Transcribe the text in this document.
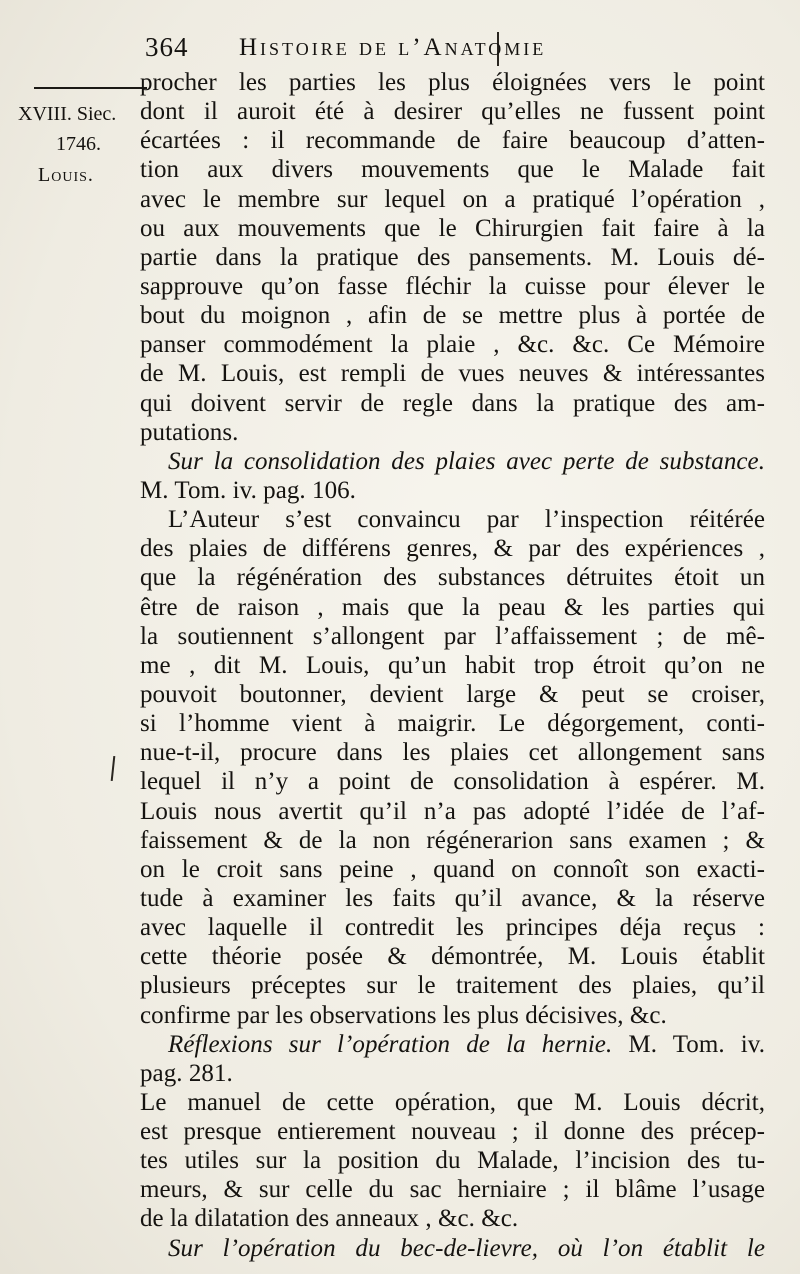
364 Histoire de l’Anatomie
XVIII. Siec.
1746.
Louis.
procher les parties les plus éloignées vers le point
dont il auroit été à desirer qu’elles ne fussent point
écartées : il recommande de faire beaucoup d’atten-
tion aux divers mouvements que le Malade fait
avec le membre sur lequel on a pratiqué l’opération ,
ou aux mouvements que le Chirurgien fait faire à la
partie dans la pratique des pansements. M. Louis dé-
sapprouve qu’on fasse fléchir la cuisse pour élever le
bout du moignon , afin de se mettre plus à portée de
panser commodément la plaie , &c. &c. Ce Mémoire
de M. Louis, est rempli de vues neuves & intéressantes
qui doivent servir de regle dans la pratique des am-
putations.
Sur la consolidation des plaies avec perte de substance.
M. Tom. iv. pag. 106.
L’Auteur s’est convaincu par l’inspection réitérée
des plaies de différens genres, & par des expériences ,
que la régénération des substances détruites étoit un
être de raison , mais que la peau & les parties qui
la soutiennent s’allongent par l’affaissement ; de mê-
me , dit M. Louis, qu’un habit trop étroit qu’on ne
pouvoit boutonner, devient large & peut se croiser,
si l’homme vient à maigrir. Le dégorgement, conti-
nue-t-il, procure dans les plaies cet allongement sans
lequel il n’y a point de consolidation à espérer. M.
Louis nous avertit qu’il n’a pas adopté l’idée de l’af-
faissement & de la non régénerarion sans examen ; &
on le croit sans peine , quand on connoît son exacti-
tude à examiner les faits qu’il avance, & la réserve
avec laquelle il contredit les principes déja reçus :
cette théorie posée & démontrée, M. Louis établit
plusieurs préceptes sur le traitement des plaies, qu’il
confirme par les observations les plus décisives, &c.
Réflexions sur l’opération de la hernie. M. Tom. iv.
pag. 281.
Le manuel de cette opération, que M. Louis décrit,
est presque entierement nouveau ; il donne des précep-
tes utiles sur la position du Malade, l’incision des tu-
meurs, & sur celle du sac herniaire ; il blâme l’usage
de la dilatation des anneaux , &c. &c.
Sur l’opération du bec-de-lievre, où l’on établit le
